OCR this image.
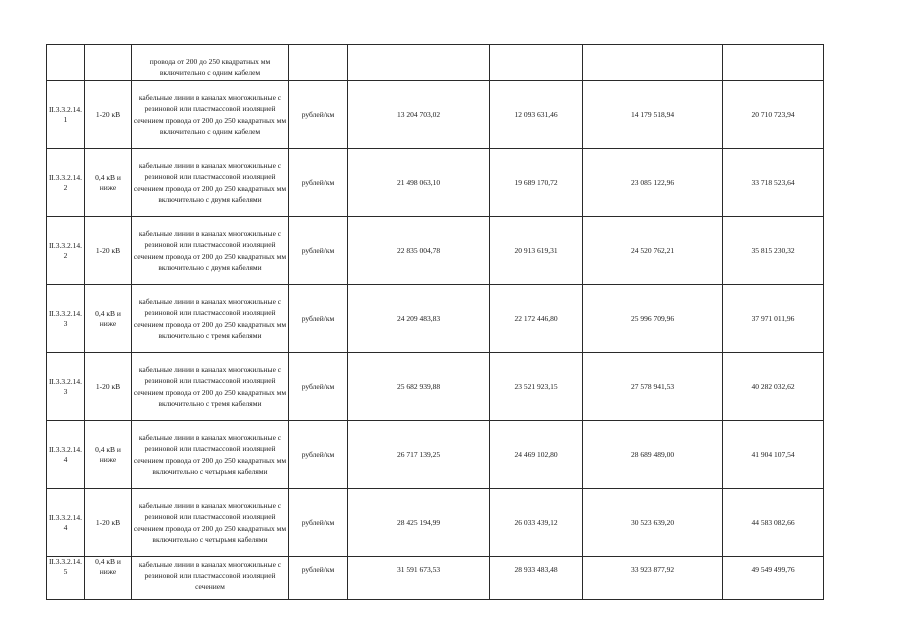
		провода от 200 до 250 квадратных мм включительно с одним кабелем					
II.3.3.2.14.1	1-20 кВ	кабельные линии в каналах многожильные с резиновой или пластмассовой изоляцией сечением провода от 200 до 250 квадратных мм включительно с одним кабелем	рублей/км	13 204 703,02	12 093 631,46	14 179 518,94	20 710 723,94
II.3.3.2.14.2	0,4 кВ и ниже	кабельные линии в каналах многожильные с резиновой или пластмассовой изоляцией сечением провода от 200 до 250 квадратных мм включительно с двумя кабелями	рублей/км	21 498 063,10	19 689 170,72	23 085 122,96	33 718 523,64
II.3.3.2.14.2	1-20 кВ	кабельные линии в каналах многожильные с резиновой или пластмассовой изоляцией сечением провода от 200 до 250 квадратных мм включительно с двумя кабелями	рублей/км	22 835 004,78	20 913 619,31	24 520 762,21	35 815 230,32
II.3.3.2.14.3	0,4 кВ и ниже	кабельные линии в каналах многожильные с резиновой или пластмассовой изоляцией сечением провода от 200 до 250 квадратных мм включительно с тремя кабелями	рублей/км	24 209 483,83	22 172 446,80	25 996 709,96	37 971 011,96
II.3.3.2.14.3	1-20 кВ	кабельные линии в каналах многожильные с резиновой или пластмассовой изоляцией сечением провода от 200 до 250 квадратных мм включительно с тремя кабелями	рублей/км	25 682 939,88	23 521 923,15	27 578 941,53	40 282 032,62
II.3.3.2.14.4	0,4 кВ и ниже	кабельные линии в каналах многожильные с резиновой или пластмассовой изоляцией сечением провода от 200 до 250 квадратных мм включительно с четырьмя кабелями	рублей/км	26 717 139,25	24 469 102,80	28 689 489,00	41 904 107,54
II.3.3.2.14.4	1-20 кВ	кабельные линии в каналах многожильные с резиновой или пластмассовой изоляцией сечением провода от 200 до 250 квадратных мм включительно с четырьмя кабелями	рублей/км	28 425 194,99	26 033 439,12	30 523 639,20	44 583 082,66
II.3.3.2.14.5	0,4 кВ и ниже	кабельные линии в каналах многожильные с резиновой или пластмассовой изоляцией сечением	рублей/км	31 591 673,53	28 933 483,48	33 923 877,92	49 549 499,76
